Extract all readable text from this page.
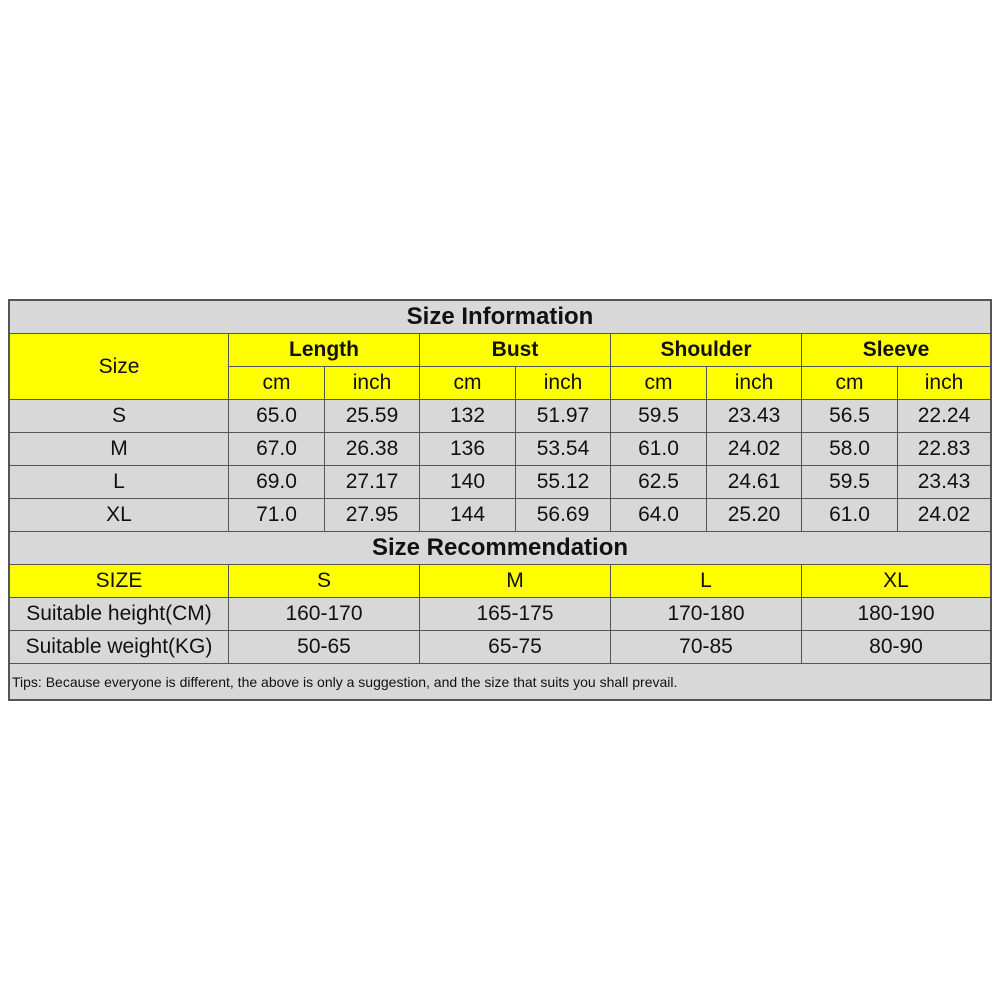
Size Information
Size
Length	Bust	Shoulder	Sleeve
cm	inch	cm	inch	cm	inch	cm	inch
S	65.0	25.59	132	51.97	59.5	23.43	56.5	22.24
M	67.0	26.38	136	53.54	61.0	24.02	58.0	22.83
L	69.0	27.17	140	55.12	62.5	24.61	59.5	23.43
XL	71.0	27.95	144	56.69	64.0	25.20	61.0	24.02
Size Recommendation
SIZE	S	M	L	XL
Suitable height(CM)	160-170	165-175	170-180	180-190
Suitable weight(KG)	50-65	65-75	70-85	80-90
Tips: Because everyone is different, the above is only a suggestion, and the size that suits you shall prevail.
